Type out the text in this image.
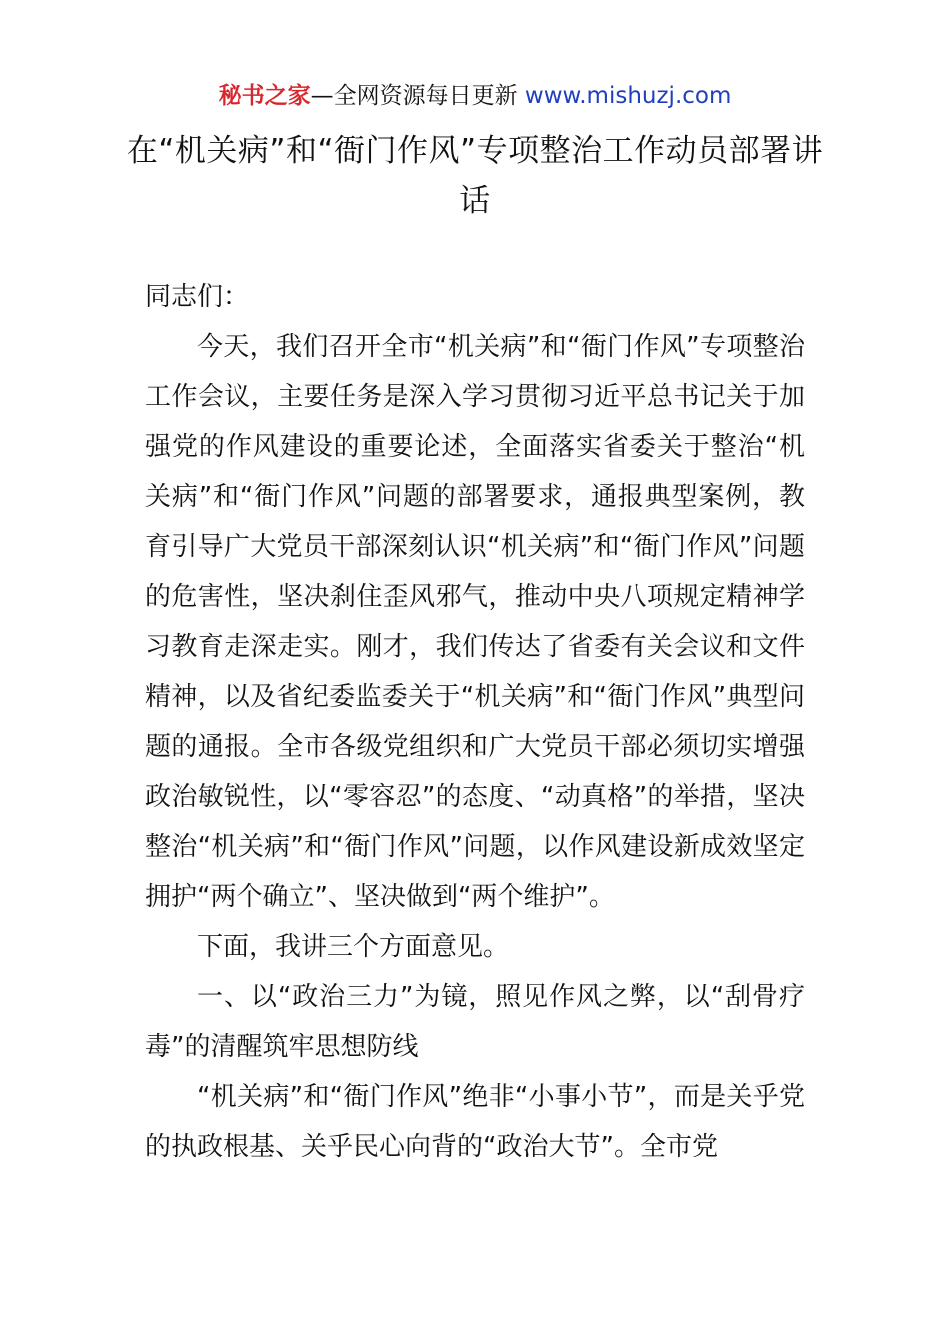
秘书之家—全网资源每日更新 www.mishuzj.com
在“机关病”和“衙门作风”专项整治工作动员部署讲话

同志们：

今天，我们召开全市“机关病”和“衙门作风”专项整治工作会议，主要任务是深入学习贯彻习近平总书记关于加强党的作风建设的重要论述，全面落实省委关于整治“机关病”和“衙门作风”问题的部署要求，通报典型案例，教育引导广大党员干部深刻认识“机关病”和“衙门作风”问题的危害性，坚决刹住歪风邪气，推动中央八项规定精神学习教育走深走实。刚才，我们传达了省委有关会议和文件精神，以及省纪委监委关于“机关病”和“衙门作风”典型问题的通报。全市各级党组织和广大党员干部必须切实增强政治敏锐性，以“零容忍”的态度、“动真格”的举措，坚决整治“机关病”和“衙门作风”问题，以作风建设新成效坚定拥护“两个确立”、坚决做到“两个维护”。

下面，我讲三个方面意见。

一、以“政治三力”为镜，照见作风之弊，以“刮骨疗毒”的清醒筑牢思想防线

“机关病”和“衙门作风”绝非“小事小节”，而是关乎党的执政根基、关乎民心向背的“政治大节”。全市党
